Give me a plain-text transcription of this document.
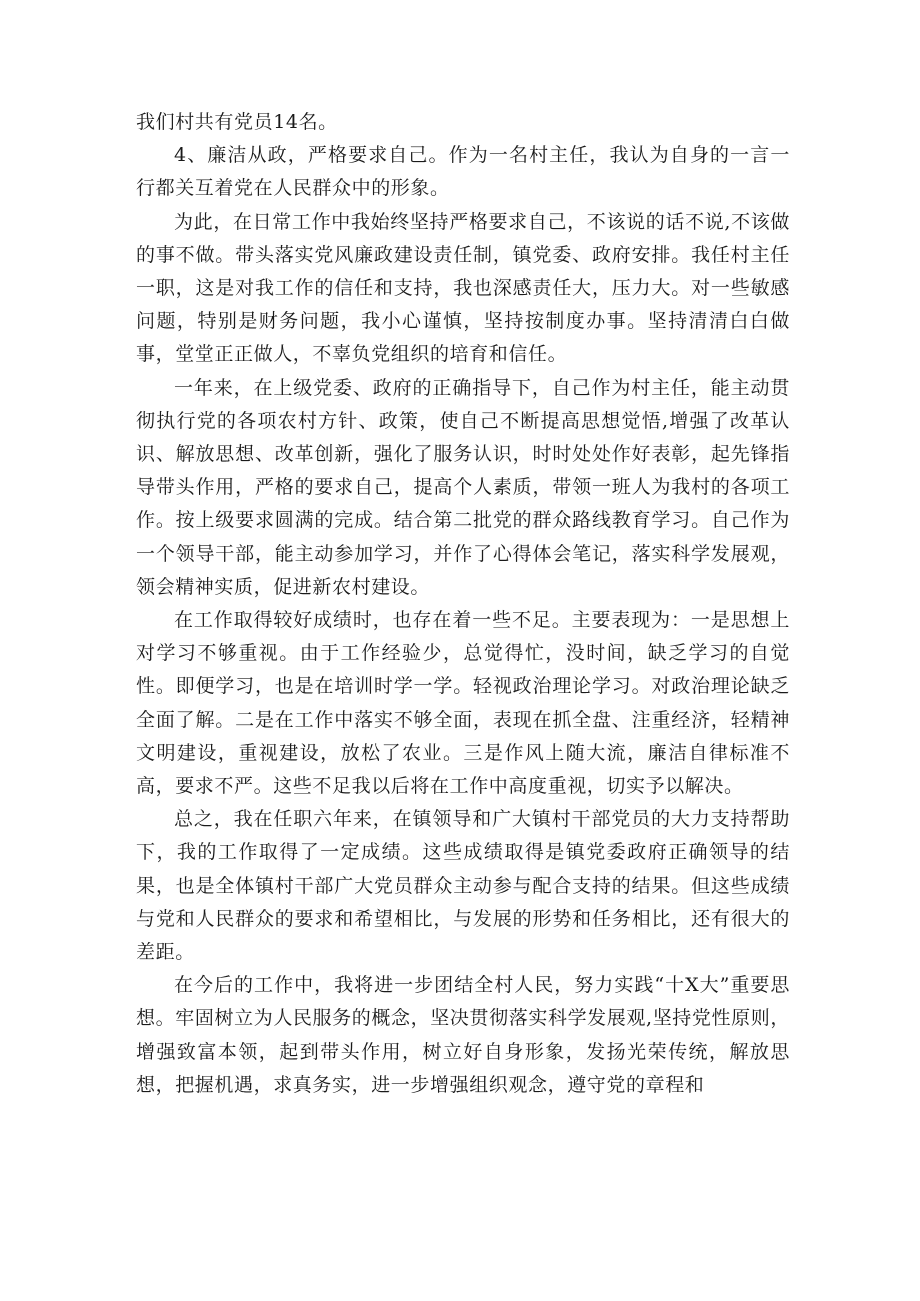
我们村共有党员14名。

4、廉洁从政，严格要求自己。作为一名村主任，我认为自身的一言一行都关互着党在人民群众中的形象。

为此，在日常工作中我始终坚持严格要求自己，不该说的话不说,不该做的事不做。带头落实党风廉政建设责任制，镇党委、政府安排。我任村主任一职，这是对我工作的信任和支持，我也深感责任大，压力大。对一些敏感问题，特别是财务问题，我小心谨慎，坚持按制度办事。坚持清清白白做事，堂堂正正做人，不辜负党组织的培育和信任。

一年来，在上级党委、政府的正确指导下，自己作为村主任，能主动贯彻执行党的各项农村方针、政策，使自己不断提高思想觉悟,增强了改革认识、解放思想、改革创新，强化了服务认识，时时处处作好表彰，起先锋指导带头作用，严格的要求自己，提高个人素质，带领一班人为我村的各项工作。按上级要求圆满的完成。结合第二批党的群众路线教育学习。自己作为一个领导干部，能主动参加学习，并作了心得体会笔记，落实科学发展观，领会精神实质，促进新农村建设。

在工作取得较好成绩时，也存在着一些不足。主要表现为：一是思想上对学习不够重视。由于工作经验少，总觉得忙，没时间，缺乏学习的自觉性。即便学习，也是在培训时学一学。轻视政治理论学习。对政治理论缺乏全面了解。二是在工作中落实不够全面，表现在抓全盘、注重经济，轻精神文明建设，重视建设，放松了农业。三是作风上随大流，廉洁自律标准不高，要求不严。这些不足我以后将在工作中高度重视，切实予以解决。

总之，我在任职六年来，在镇领导和广大镇村干部党员的大力支持帮助下，我的工作取得了一定成绩。这些成绩取得是镇党委政府正确领导的结果，也是全体镇村干部广大党员群众主动参与配合支持的结果。但这些成绩与党和人民群众的要求和希望相比，与发展的形势和任务相比，还有很大的差距。

在今后的工作中，我将进一步团结全村人民，努力实践“十X大”重要思想。牢固树立为人民服务的概念，坚决贯彻落实科学发展观,坚持党性原则，增强致富本领，起到带头作用，树立好自身形象，发扬光荣传统，解放思想，把握机遇，求真务实，进一步增强组织观念，遵守党的章程和
